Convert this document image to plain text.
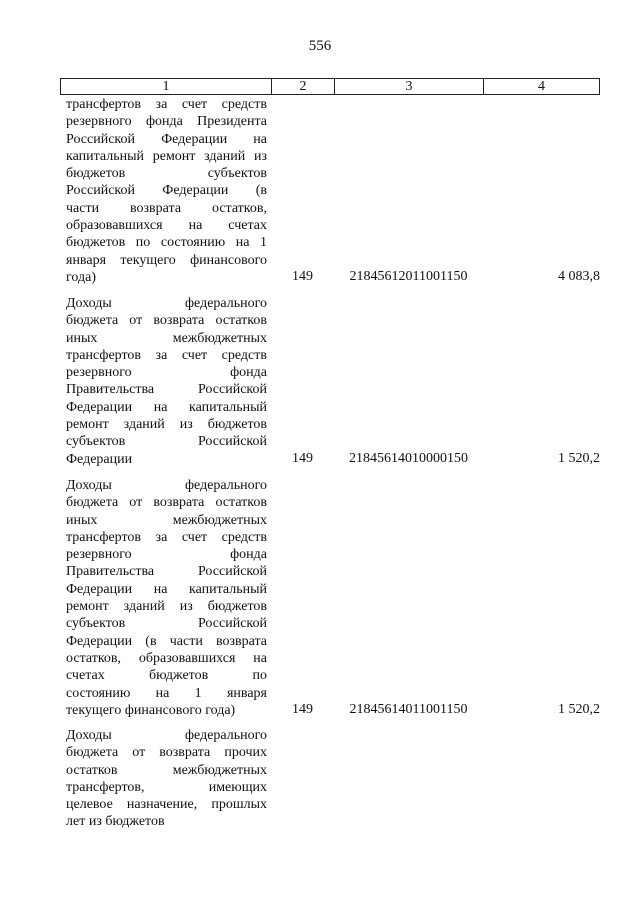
556
1	2	3	4
трансфертов за счет средств
резервного фонда Президента
Российской Федерации на
капитальный ремонт зданий из
бюджетов субъектов
Российской Федерации (в
части возврата остатков,
образовавшихся на счетах
бюджетов по состоянию на 1
января текущего финансового
года)	149	21845612011001150	4 083,8
Доходы федерального
бюджета от возврата остатков
иных межбюджетных
трансфертов за счет средств
резервного фонда
Правительства Российской
Федерации на капитальный
ремонт зданий из бюджетов
субъектов Российской
Федерации	149	21845614010000150	1 520,2
Доходы федерального
бюджета от возврата остатков
иных межбюджетных
трансфертов за счет средств
резервного фонда
Правительства Российской
Федерации на капитальный
ремонт зданий из бюджетов
субъектов Российской
Федерации (в части возврата
остатков, образовавшихся на
счетах бюджетов по
состоянию на 1 января
текущего финансового года)	149	21845614011001150	1 520,2
Доходы федерального
бюджета от возврата прочих
остатков межбюджетных
трансфертов, имеющих
целевое назначение, прошлых
лет из бюджетов
